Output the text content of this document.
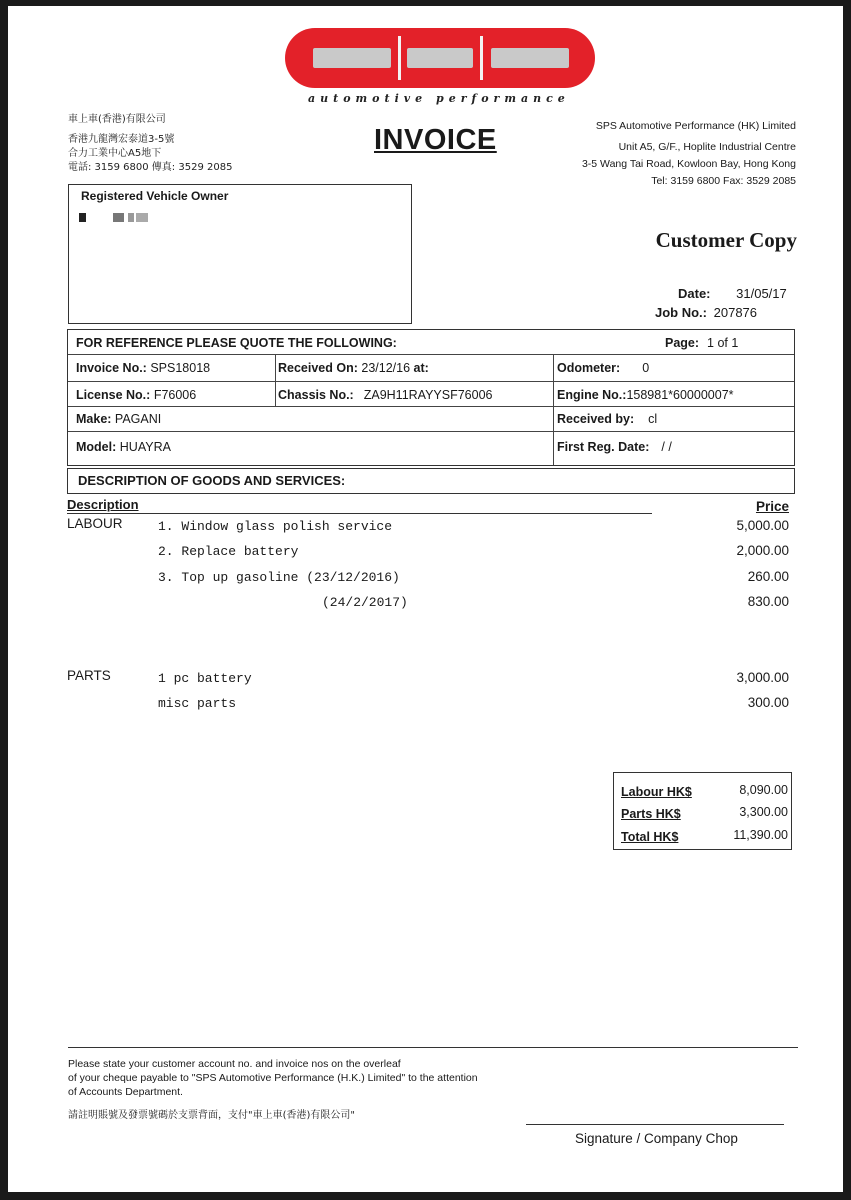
automotive performance
車上車(香港)有限公司
香港九龍灣宏泰道3-5號
合力工業中心A5地下
電話: 3159 6800 傳真: 3529 2085
INVOICE	SPS Automotive Performance (HK) Limited
Unit A5, G/F., Hoplite Industrial Centre
3-5 Wang Tai Road, Kowloon Bay, Hong Kong
Tel: 3159 6800 Fax: 3529 2085
Registered Vehicle Owner
Customer Copy
Date: 31/05/17
Job No.: 207876
FOR REFERENCE PLEASE QUOTE THE FOLLOWING:	Page: 1 of 1
Invoice No.: SPS18018	Received On: 23/12/16 at:	Odometer: 0
License No.: F76006	Chassis No.: ZA9H11RAYYSF76006	Engine No.:158981*60000007*
Make: PAGANI	Received by: cl
Model: HUAYRA	First Reg. Date: / /
DESCRIPTION OF GOODS AND SERVICES:
Description	Price
LABOUR	1. Window glass polish service	5,000.00
2. Replace battery	2,000.00
3. Top up gasoline (23/12/2016)	260.00
(24/2/2017)	830.00
PARTS	1 pc battery	3,000.00
misc parts	300.00
Labour HK$	8,090.00
Parts HK$	3,300.00
Total HK$	11,390.00
Please state your customer account no. and invoice nos on the overleaf
of your cheque payable to "SPS Automotive Performance (H.K.) Limited" to the attention
of Accounts Department.
請註明賬號及發票號碼於支票背面，支付"車上車(香港)有限公司"
Signature / Company Chop
